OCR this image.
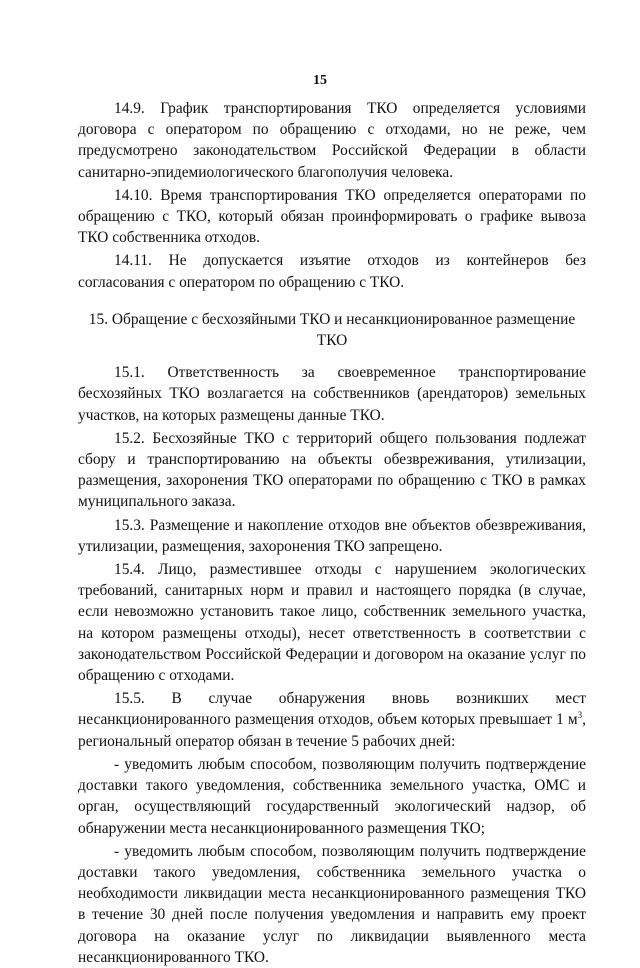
15

14.9. График транспортирования ТКО определяется условиями договора с оператором по обращению с отходами, но не реже, чем предусмотрено законодательством Российской Федерации в области санитарно-эпидемиологического благополучия человека.

14.10. Время транспортирования ТКО определяется операторами по обращению с ТКО, который обязан проинформировать о графике вывоза ТКО собственника отходов.

14.11. Не допускается изъятие отходов из контейнеров без согласования с оператором по обращению с ТКО.

15. Обращение с бесхозяйными ТКО и несанкционированное размещение ТКО

15.1. Ответственность за своевременное транспортирование бесхозяйных ТКО возлагается на собственников (арендаторов) земельных участков, на которых размещены данные ТКО.

15.2. Бесхозяйные ТКО с территорий общего пользования подлежат сбору и транспортированию на объекты обезвреживания, утилизации, размещения, захоронения ТКО операторами по обращению с ТКО в рамках муниципального заказа.

15.3. Размещение и накопление отходов вне объектов обезвреживания, утилизации, размещения, захоронения ТКО запрещено.

15.4. Лицо, разместившее отходы с нарушением экологических требований, санитарных норм и правил и настоящего порядка (в случае, если невозможно установить такое лицо, собственник земельного участка, на котором размещены отходы), несет ответственность в соответствии с законодательством Российской Федерации и договором на оказание услуг по обращению с отходами.

15.5. В случае обнаружения вновь возникших мест несанкционированного размещения отходов, объем которых превышает 1 $м^3$, региональный оператор обязан в течение 5 рабочих дней:

- уведомить любым способом, позволяющим получить подтверждение доставки такого уведомления, собственника земельного участка, ОМС и орган, осуществляющий государственный экологический надзор, об обнаружении места несанкционированного размещения ТКО;

- уведомить любым способом, позволяющим получить подтверждение доставки такого уведомления, собственника земельного участка о необходимости ликвидации места несанкционированного размещения ТКО в течение 30 дней после получения уведомления и направить ему проект договора на оказание услуг по ликвидации выявленного места несанкционированного ТКО.
